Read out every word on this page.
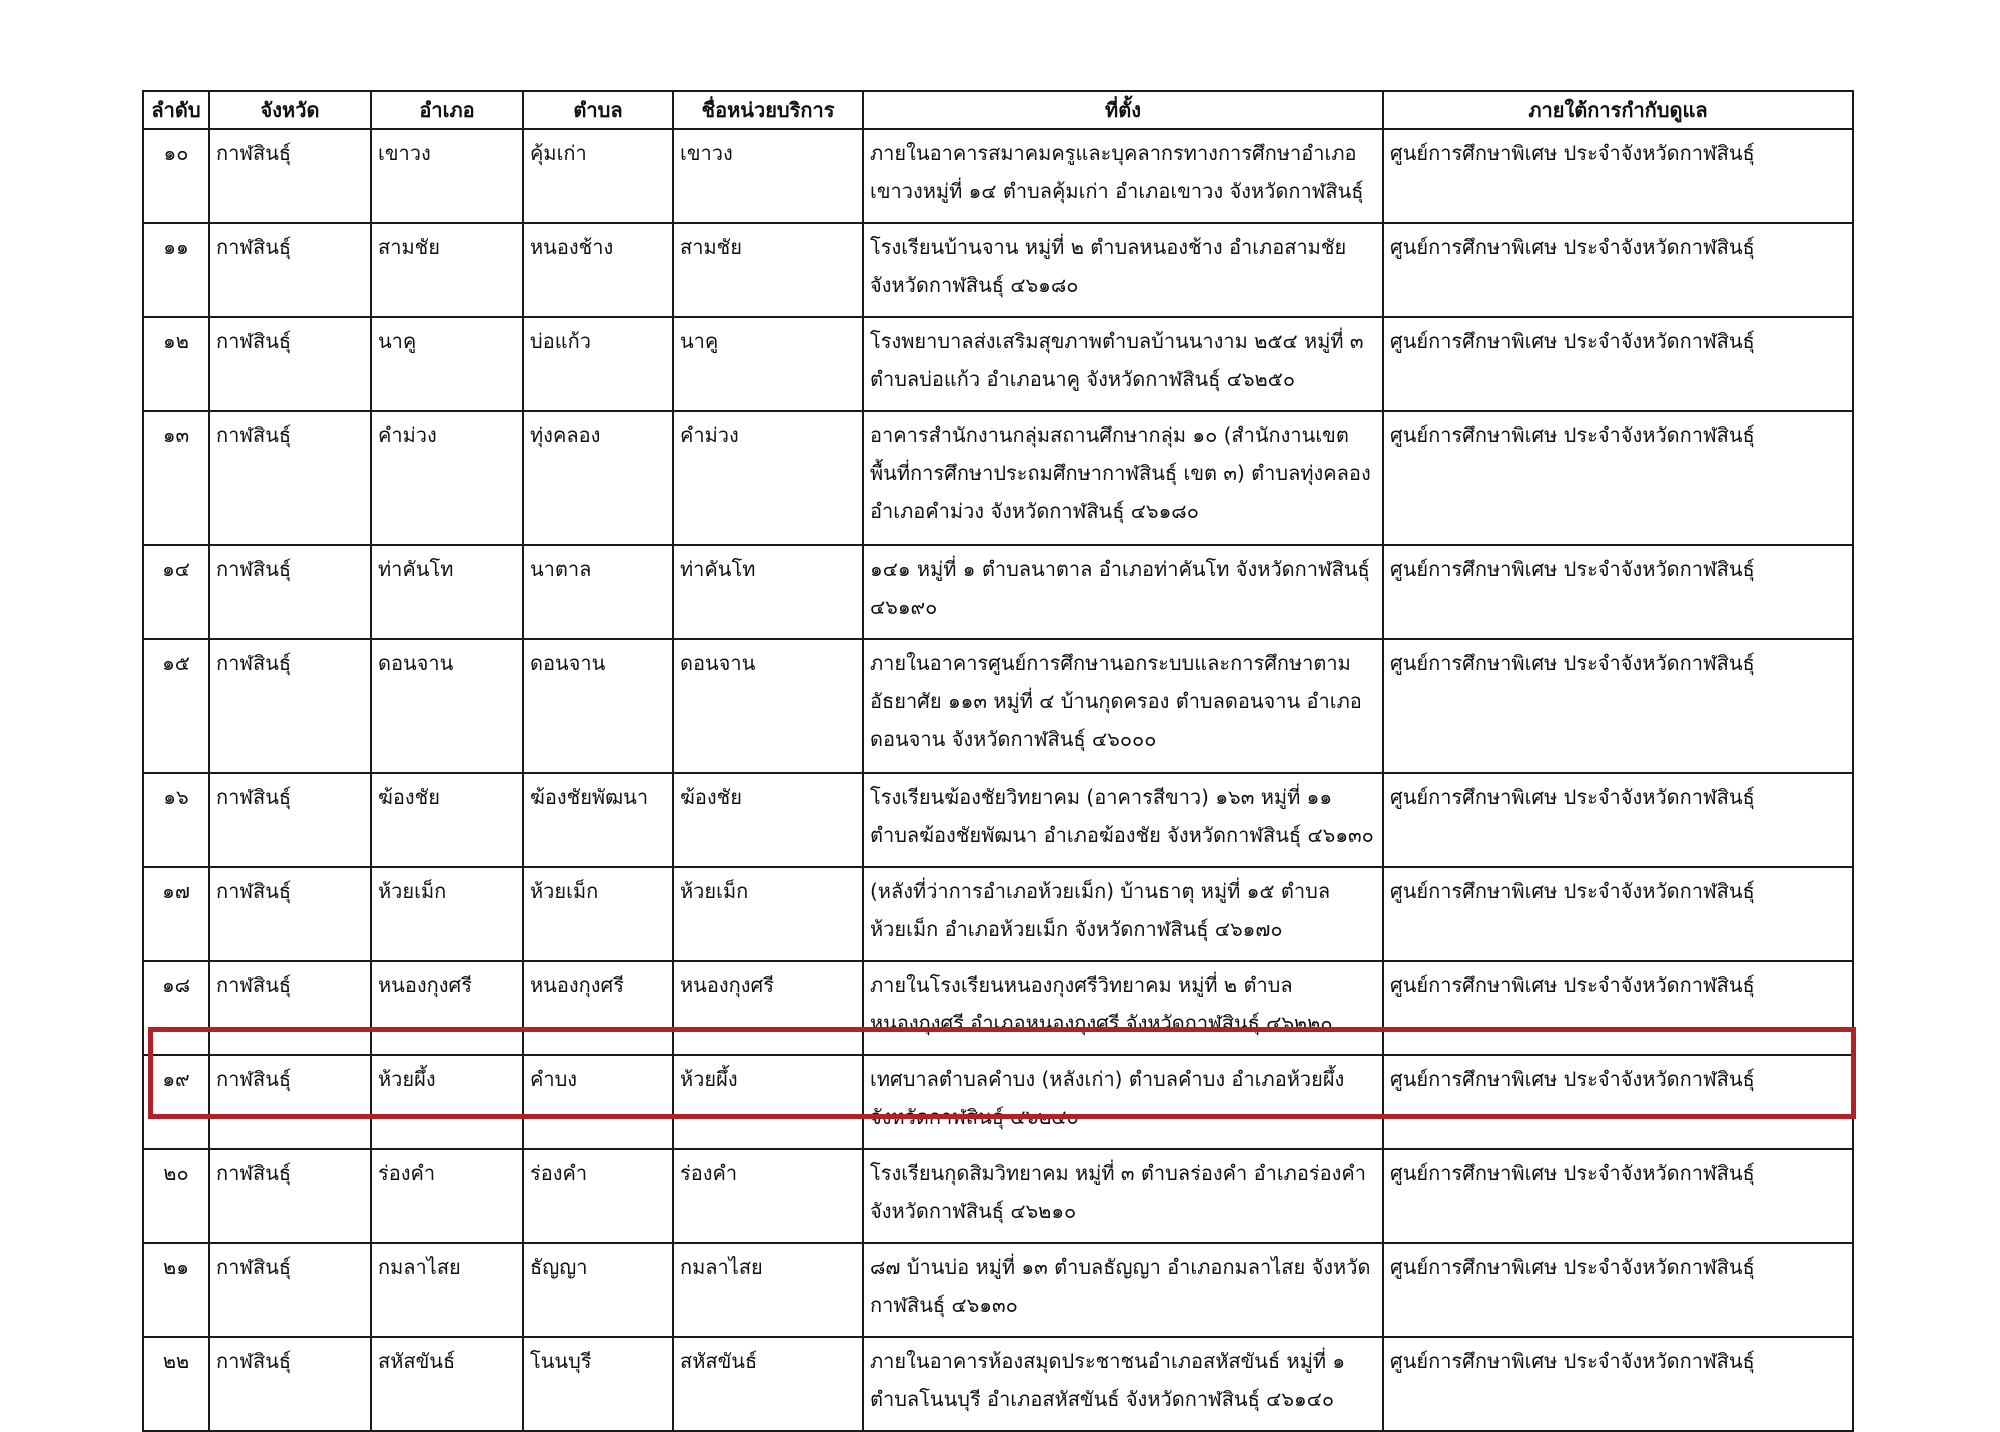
ลำดับ	จังหวัด	อำเภอ	ตำบล	ชื่อหน่วยบริการ	ที่ตั้ง	ภายใต้การกำกับดูแล
๑๐	กาฬสินธุ์	เขาวง	คุ้มเก่า	เขาวง	ภายในอาคารสมาคมครูและบุคลากรทางการศึกษาอำเภอเขาวงหมู่ที่ ๑๔ ตำบลคุ้มเก่า อำเภอเขาวง จังหวัดกาฬสินธุ์	ศูนย์การศึกษาพิเศษ ประจำจังหวัดกาฬสินธุ์
๑๑	กาฬสินธุ์	สามชัย	หนองช้าง	สามชัย	โรงเรียนบ้านจาน หมู่ที่ ๒ ตำบลหนองช้าง อำเภอสามชัย จังหวัดกาฬสินธุ์ ๔๖๑๘๐	ศูนย์การศึกษาพิเศษ ประจำจังหวัดกาฬสินธุ์
๑๒	กาฬสินธุ์	นาคู	บ่อแก้ว	นาคู	โรงพยาบาลส่งเสริมสุขภาพตำบลบ้านนางาม ๒๕๔ หมู่ที่ ๓ ตำบลบ่อแก้ว อำเภอนาคู จังหวัดกาฬสินธุ์ ๔๖๒๕๐	ศูนย์การศึกษาพิเศษ ประจำจังหวัดกาฬสินธุ์
๑๓	กาฬสินธุ์	คำม่วง	ทุ่งคลอง	คำม่วง	อาคารสำนักงานกลุ่มสถานศึกษากลุ่ม ๑๐ (สำนักงานเขตพื้นที่การศึกษาประถมศึกษากาฬสินธุ์ เขต ๓) ตำบลทุ่งคลอง อำเภอคำม่วง จังหวัดกาฬสินธุ์ ๔๖๑๘๐	ศูนย์การศึกษาพิเศษ ประจำจังหวัดกาฬสินธุ์
๑๔	กาฬสินธุ์	ท่าคันโท	นาตาล	ท่าคันโท	๑๔๑ หมู่ที่ ๑ ตำบลนาตาล อำเภอท่าคันโท จังหวัดกาฬสินธุ์ ๔๖๑๙๐	ศูนย์การศึกษาพิเศษ ประจำจังหวัดกาฬสินธุ์
๑๕	กาฬสินธุ์	ดอนจาน	ดอนจาน	ดอนจาน	ภายในอาคารศูนย์การศึกษานอกระบบและการศึกษาตามอัธยาศัย ๑๑๓ หมู่ที่ ๔ บ้านกุดครอง ตำบลดอนจาน อำเภอดอนจาน จังหวัดกาฬสินธุ์ ๔๖๐๐๐	ศูนย์การศึกษาพิเศษ ประจำจังหวัดกาฬสินธุ์
๑๖	กาฬสินธุ์	ฆ้องชัย	ฆ้องชัยพัฒนา	ฆ้องชัย	โรงเรียนฆ้องชัยวิทยาคม (อาคารสีขาว) ๑๖๓ หมู่ที่ ๑๑ ตำบลฆ้องชัยพัฒนา อำเภอฆ้องชัย จังหวัดกาฬสินธุ์ ๔๖๑๓๐	ศูนย์การศึกษาพิเศษ ประจำจังหวัดกาฬสินธุ์
๑๗	กาฬสินธุ์	ห้วยเม็ก	ห้วยเม็ก	ห้วยเม็ก	(หลังที่ว่าการอำเภอห้วยเม็ก) บ้านธาตุ หมู่ที่ ๑๕ ตำบลห้วยเม็ก อำเภอห้วยเม็ก จังหวัดกาฬสินธุ์ ๔๖๑๗๐	ศูนย์การศึกษาพิเศษ ประจำจังหวัดกาฬสินธุ์
๑๘	กาฬสินธุ์	หนองกุงศรี	หนองกุงศรี	หนองกุงศรี	ภายในโรงเรียนหนองกุงศรีวิทยาคม หมู่ที่ ๒ ตำบลหนองกุงศรี อำเภอหนองกุงศรี จังหวัดกาฬสินธุ์ ๔๖๒๒๐	ศูนย์การศึกษาพิเศษ ประจำจังหวัดกาฬสินธุ์
๑๙	กาฬสินธุ์	ห้วยผึ้ง	คำบง	ห้วยผึ้ง	เทศบาลตำบลคำบง (หลังเก่า) ตำบลคำบง อำเภอห้วยผึ้ง จังหวัดกาฬสินธุ์ ๔๖๒๔๐	ศูนย์การศึกษาพิเศษ ประจำจังหวัดกาฬสินธุ์
๒๐	กาฬสินธุ์	ร่องคำ	ร่องคำ	ร่องคำ	โรงเรียนกุดสิมวิทยาคม หมู่ที่ ๓ ตำบลร่องคำ อำเภอร่องคำ จังหวัดกาฬสินธุ์ ๔๖๒๑๐	ศูนย์การศึกษาพิเศษ ประจำจังหวัดกาฬสินธุ์
๒๑	กาฬสินธุ์	กมลาไสย	ธัญญา	กมลาไสย	๘๗ บ้านบ่อ หมู่ที่ ๑๓ ตำบลธัญญา อำเภอกมลาไสย จังหวัดกาฬสินธุ์ ๔๖๑๓๐	ศูนย์การศึกษาพิเศษ ประจำจังหวัดกาฬสินธุ์
๒๒	กาฬสินธุ์	สหัสขันธ์	โนนบุรี	สหัสขันธ์	ภายในอาคารห้องสมุดประชาชนอำเภอสหัสขันธ์ หมู่ที่ ๑ ตำบลโนนบุรี อำเภอสหัสขันธ์ จังหวัดกาฬสินธุ์ ๔๖๑๔๐	ศูนย์การศึกษาพิเศษ ประจำจังหวัดกาฬสินธุ์
